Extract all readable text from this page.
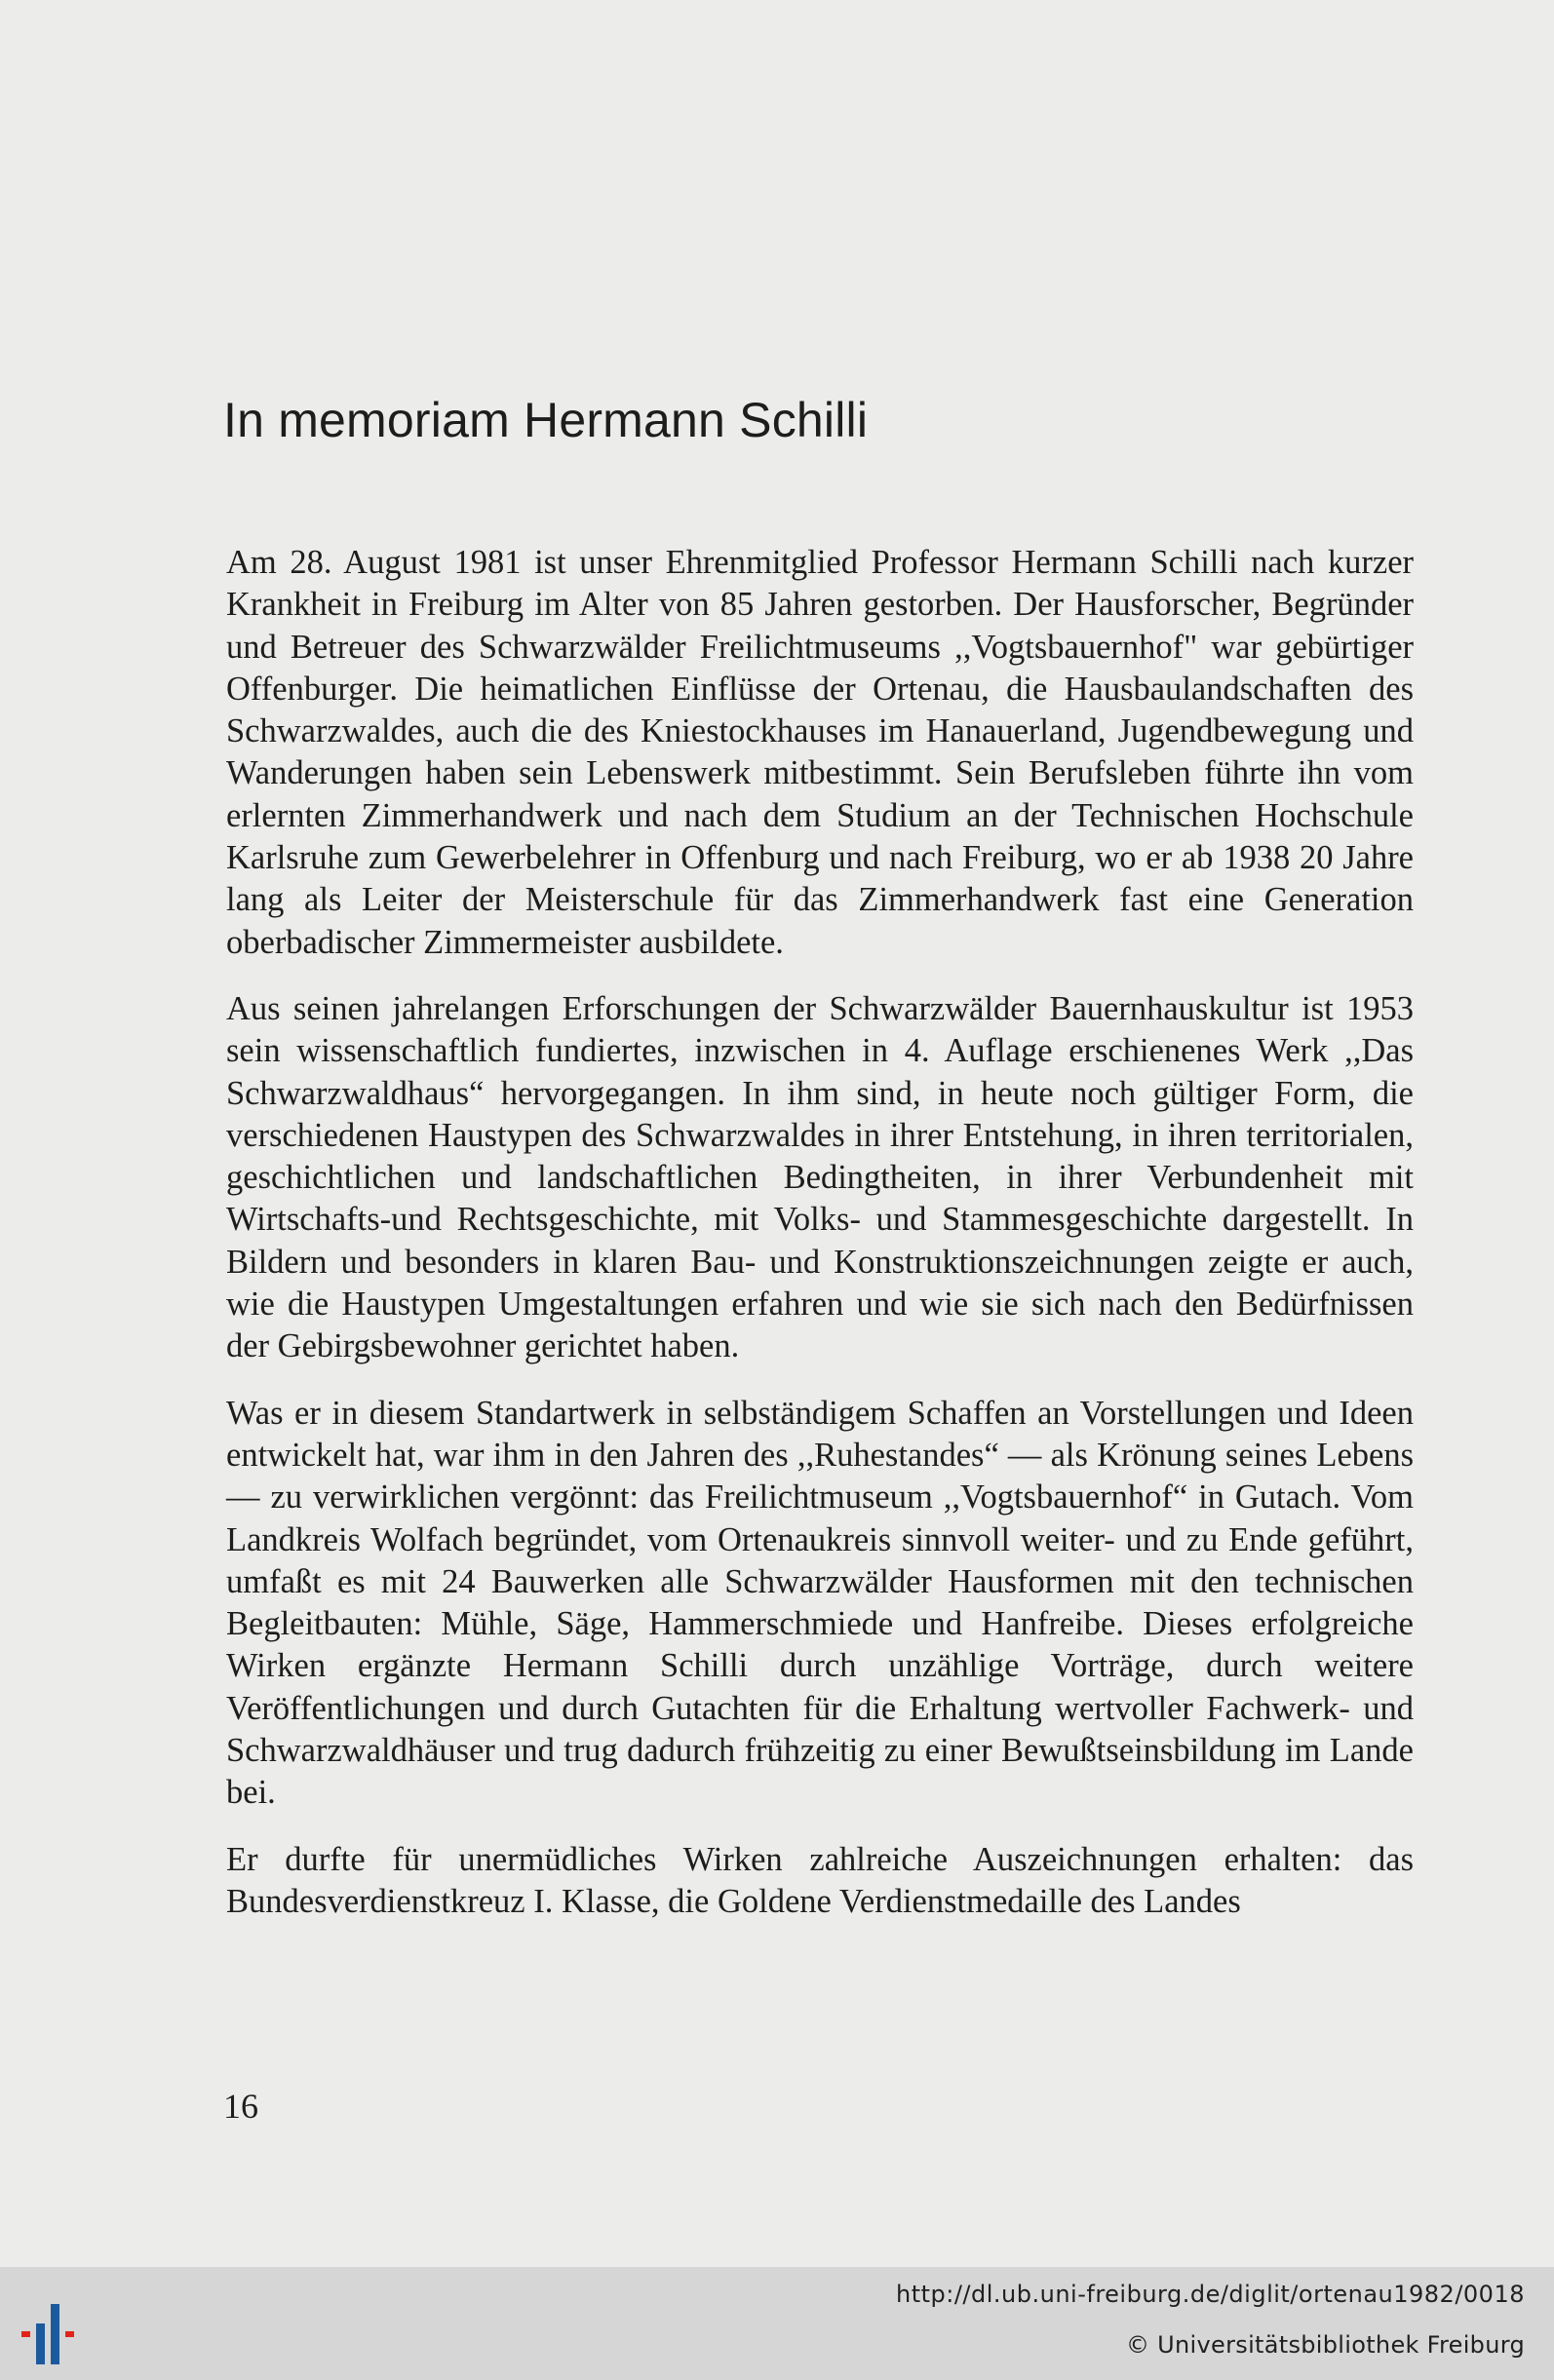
In memoriam Hermann Schilli

Am 28. August 1981 ist unser Ehrenmitglied Professor Hermann Schilli nach kurzer Krankheit in Freiburg im Alter von 85 Jahren gestorben. Der Hausforscher, Begründer und Betreuer des Schwarzwälder Freilichtmuseums ,,Vogtsbauernhof" war gebürtiger Offenburger. Die heimatlichen Einflüsse der Ortenau, die Hausbaulandschaften des Schwarzwaldes, auch die des Kniestockhauses im Hanauerland, Jugendbewegung und Wanderungen haben sein Lebenswerk mitbestimmt. Sein Berufsleben führte ihn vom erlernten Zimmerhandwerk und nach dem Studium an der Technischen Hochschule Karlsruhe zum Gewerbelehrer in Offenburg und nach Freiburg, wo er ab 1938 20 Jahre lang als Leiter der Meisterschule für das Zimmerhandwerk fast eine Generation oberbadischer Zimmermeister ausbildete.

Aus seinen jahrelangen Erforschungen der Schwarzwälder Bauernhauskultur ist 1953 sein wissenschaftlich fundiertes, inzwischen in 4. Auflage erschienenes Werk ,,Das Schwarzwaldhaus“ hervorgegangen. In ihm sind, in heute noch gültiger Form, die verschiedenen Haustypen des Schwarzwaldes in ihrer Entstehung, in ihren territorialen, geschichtlichen und landschaftlichen Bedingtheiten, in ihrer Verbundenheit mit Wirtschafts-und Rechtsgeschichte, mit Volks- und Stammesgeschichte dargestellt. In Bildern und besonders in klaren Bau- und Konstruktionszeichnungen zeigte er auch, wie die Haustypen Umgestaltungen erfahren und wie sie sich nach den Bedürfnissen der Gebirgsbewohner gerichtet haben.

Was er in diesem Standartwerk in selbständigem Schaffen an Vorstellungen und Ideen entwickelt hat, war ihm in den Jahren des ,,Ruhestandes“ — als Krönung seines Lebens — zu verwirklichen vergönnt: das Freilichtmuseum ,,Vogtsbauernhof“ in Gutach. Vom Landkreis Wolfach begründet, vom Ortenaukreis sinnvoll weiter- und zu Ende geführt, umfaßt es mit 24 Bauwerken alle Schwarzwälder Hausformen mit den technischen Begleitbauten: Mühle, Säge, Hammerschmiede und Hanfreibe. Dieses erfolgreiche Wirken ergänzte Hermann Schilli durch unzählige Vorträge, durch weitere Veröffentlichungen und durch Gutachten für die Erhaltung wertvoller Fachwerk- und Schwarzwaldhäuser und trug dadurch frühzeitig zu einer Bewußtseinsbildung im Lande bei.

Er durfte für unermüdliches Wirken zahlreiche Auszeichnungen erhalten: das Bundesverdienstkreuz I. Klasse, die Goldene Verdienstmedaille des Landes

16
http://dl.ub.uni-freiburg.de/diglit/ortenau1982/0018
© Universitätsbibliothek Freiburg
